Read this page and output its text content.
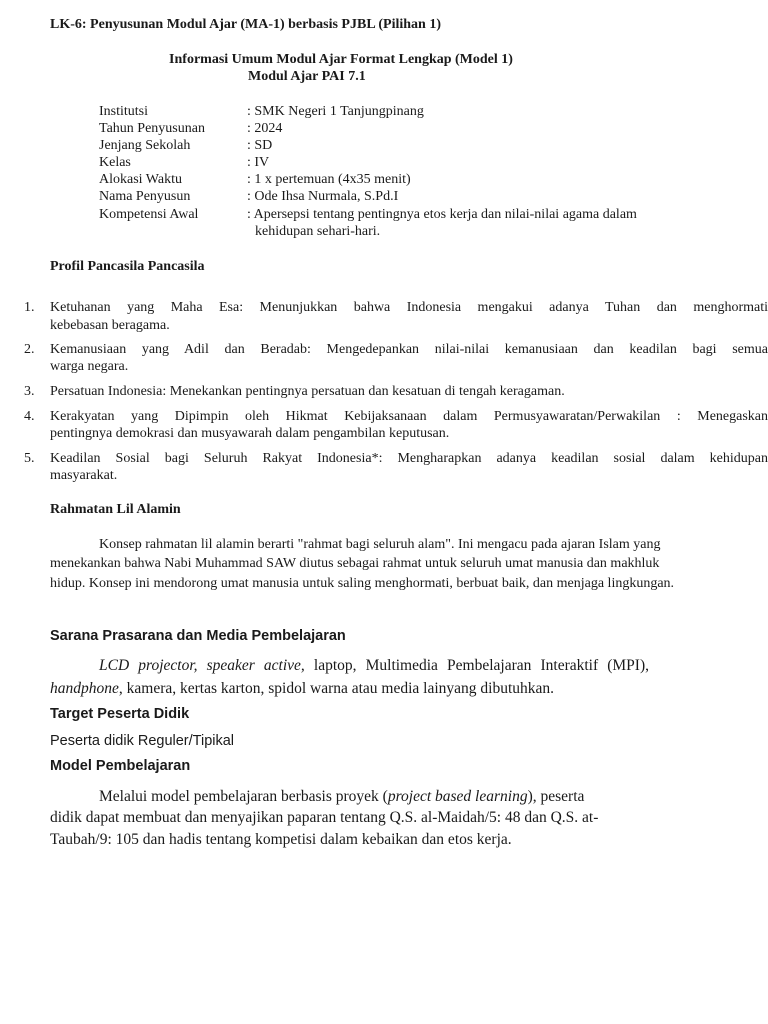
LK-6: Penyusunan Modul Ajar (MA-1) berbasis PJBL (Pilihan 1)
Informasi Umum Modul Ajar Format Lengkap (Model 1)
Modul Ajar PAI 7.1
Institutsi	: SMK Negeri 1 Tanjungpinang
Tahun Penyusunan	: 2024
Jenjang Sekolah	: SD
Kelas	: IV
Alokasi Waktu	: 1 x pertemuan (4x35 menit)
Nama Penyusun	: Ode Ihsa Nurmala, S.Pd.I
Kompetensi Awal	: Apersepsi tentang pentingnya etos kerja dan nilai-nilai agama dalam
kehidupan sehari-hari.
Profil Pancasila Pancasila
1. Ketuhanan yang Maha Esa: Menunjukkan bahwa Indonesia mengakui adanya Tuhan dan menghormati
kebebasan beragama.
2. Kemanusiaan yang Adil dan Beradab: Mengedepankan nilai-nilai kemanusiaan dan keadilan bagi semua
warga negara.
3. Persatuan Indonesia: Menekankan pentingnya persatuan dan kesatuan di tengah keragaman.
4. Kerakyatan yang Dipimpin oleh Hikmat Kebijaksanaan dalam Permusyawaratan/Perwakilan : Menegaskan
pentingnya demokrasi dan musyawarah dalam pengambilan keputusan.
5. Keadilan Sosial bagi Seluruh Rakyat Indonesia*: Mengharapkan adanya keadilan sosial dalam kehidupan
masyarakat.
Rahmatan Lil Alamin
Konsep rahmatan lil alamin berarti "rahmat bagi seluruh alam". Ini mengacu pada ajaran Islam yang
menekankan bahwa Nabi Muhammad SAW diutus sebagai rahmat untuk seluruh umat manusia dan makhluk
hidup. Konsep ini mendorong umat manusia untuk saling menghormati, berbuat baik, dan menjaga lingkungan.
Sarana Prasarana dan Media Pembelajaran
LCD projector, speaker active, laptop, Multimedia Pembelajaran Interaktif (MPI),
handphone, kamera, kertas karton, spidol warna atau media lainyang dibutuhkan.
Target Peserta Didik
Peserta didik Reguler/Tipikal
Model Pembelajaran
Melalui model pembelajaran berbasis proyek (project based learning), peserta
didik dapat membuat dan menyajikan paparan tentang Q.S. al-Maidah/5: 48 dan Q.S. at-
Taubah/9: 105 dan hadis tentang kompetisi dalam kebaikan dan etos kerja.
